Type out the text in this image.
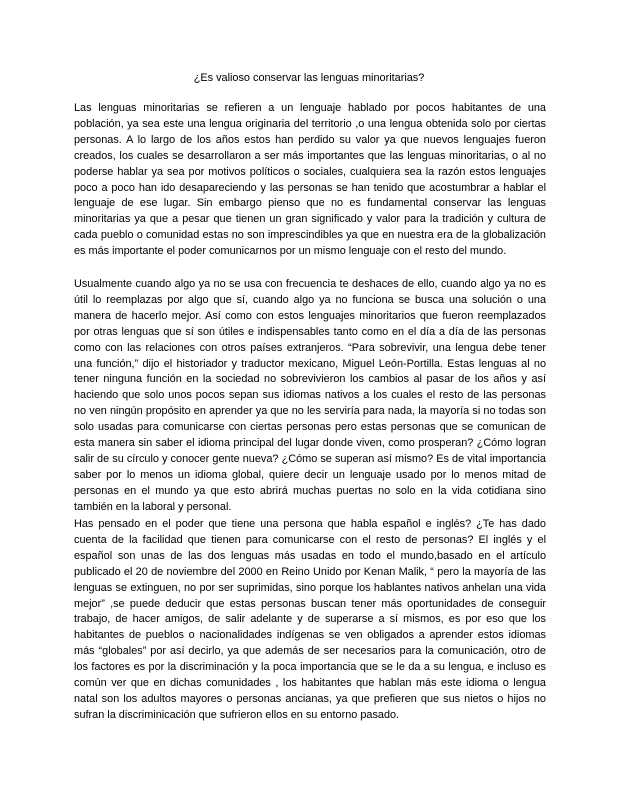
¿Es valioso conservar las lenguas minoritarias?

Las lenguas minoritarias se refieren a un lenguaje hablado por pocos habitantes de una población, ya sea este una lengua originaria del territorio ,o una lengua obtenida solo por ciertas personas. A lo largo de los años estos han perdido su valor ya que nuevos lenguajes fueron creados, los cuales se desarrollaron a ser más importantes que las lenguas minoritarias, o al no poderse hablar ya sea por motivos políticos o sociales, cualquiera sea la razón estos lenguajes poco a poco han ido desapareciendo y las personas se han tenido que acostumbrar a hablar el lenguaje de ese lugar. Sin embargo pienso que no es fundamental conservar las lenguas minoritarias ya que a pesar que tienen un gran significado y valor para la tradición y cultura de cada pueblo o comunidad estas no son imprescindibles ya que en nuestra era de la globalización es más importante el poder comunicarnos por un mismo lenguaje con el resto del mundo.

Usualmente cuando algo ya no se usa con frecuencia te deshaces de ello, cuando algo ya no es útil lo reemplazas por algo que sí, cuando algo ya no funciona se busca una solución o una manera de hacerlo mejor. Así como con estos lenguajes minoritarios que fueron reemplazados por otras lenguas que sí son útiles e indispensables tanto como en el día a día de las personas como con las relaciones con otros países extranjeros. “Para sobrevivir, una lengua debe tener una función,” dijo el historiador y traductor mexicano, Miguel León-Portilla. Estas lenguas al no tener ninguna función en la sociedad no sobrevivieron los cambios al pasar de los años y así haciendo que solo unos pocos sepan sus idiomas nativos a los cuales el resto de las personas no ven ningún propósito en aprender ya que no les serviría para nada, la mayoría si no todas son solo usadas para comunicarse con ciertas personas pero estas personas que se comunican de esta manera sin saber el idioma principal del lugar donde viven, como prosperan? ¿Cómo logran salir de su círculo y conocer gente nueva? ¿Cómo se superan así mismo? Es de vital importancia saber por lo menos un idioma global, quiere decir un lenguaje usado por lo menos mitad de personas en el mundo ya que esto abrirá muchas puertas no solo en la vida cotidiana sino también en la laboral y personal.

Has pensado en el poder que tiene una persona que habla español e inglés? ¿Te has dado cuenta de la facilidad que tienen para comunicarse con el resto de personas? El inglés y el español son unas de las dos lenguas más usadas en todo el mundo,basado en el artículo publicado el 20 de noviembre del 2000 en Reino Unido por Kenan Malik, “ pero la mayoría de las lenguas se extinguen, no por ser suprimidas, sino porque los hablantes nativos anhelan una vida mejor” ,se puede deducir que estas personas buscan tener más oportunidades de conseguir trabajo, de hacer amigos, de salir adelante y de superarse a sí mismos, es por eso que los habitantes de pueblos o nacionalidades indígenas se ven obligados a aprender estos idiomas más “globales” por así decirlo, ya que además de ser necesarios para la comunicación, otro de los factores es por la discriminación y la poca importancia que se le da a su lengua, e incluso es común ver que en dichas comunidades , los habitantes que hablan más este idioma o lengua natal son los adultos mayores o personas ancianas, ya que prefieren que sus nietos o hijos no sufran la discriminicación que sufrieron ellos en su entorno pasado.
